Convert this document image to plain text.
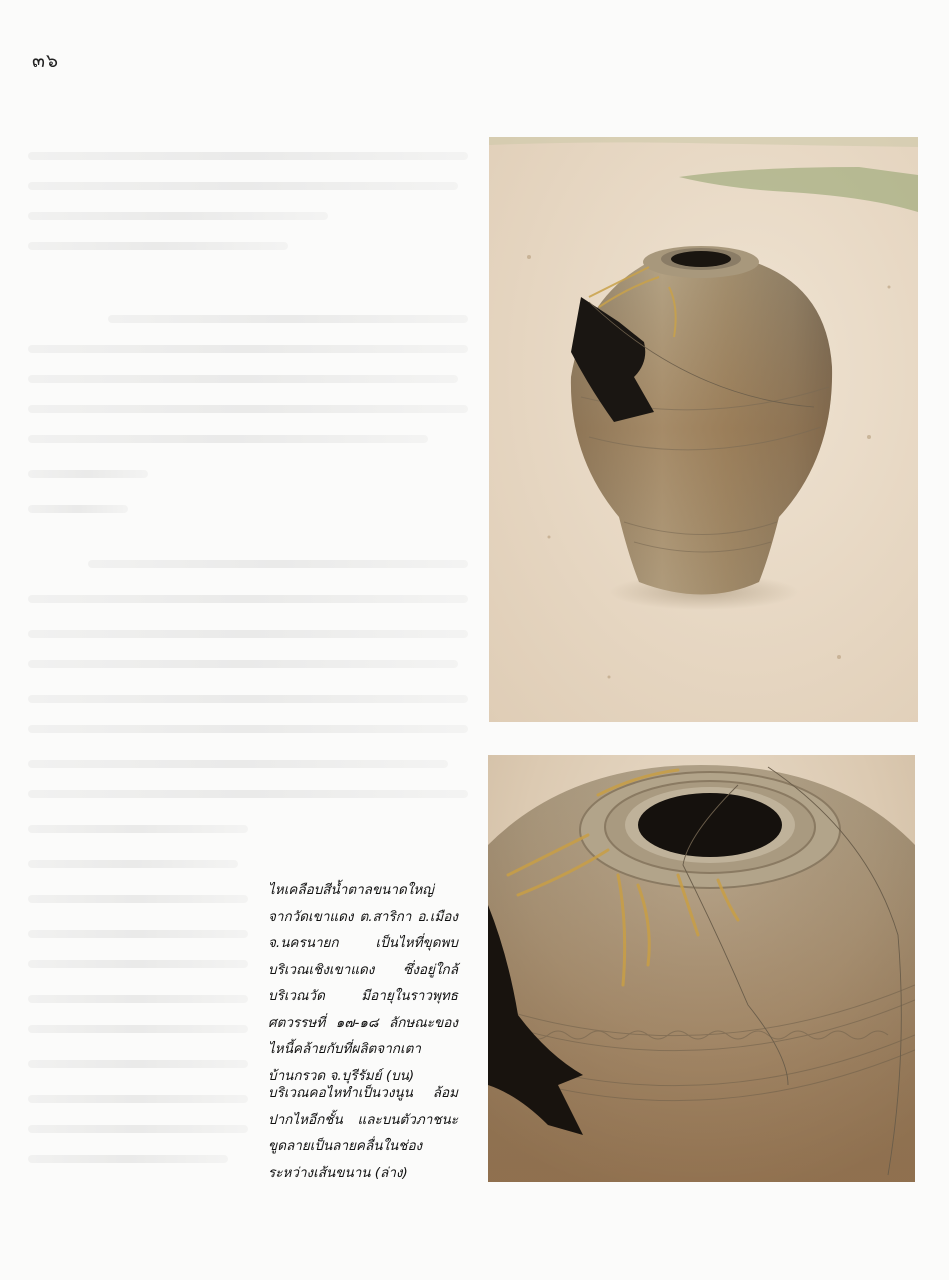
๓๖
ไหเคลือบสีน้ำตาลขนาดใหญ่ จากวัดเขาแดง ต.สาริกา อ.เมือง จ.นครนายก เป็นไหที่ขุดพบบริเวณเชิงเขาแดง ซึ่งอยู่ใกล้บริเวณวัด มีอายุในราวพุทธศตวรรษที่ ๑๗-๑๘ ลักษณะของไหนี้คล้ายกับที่ผลิตจากเตาบ้านกรวด จ.บุรีรัมย์ (บน)
บริเวณคอไหทำเป็นวงนูน ล้อมปากไหอีกชั้น และบนตัวภาชนะขูดลายเป็นลายคลื่นในช่องระหว่างเส้นขนาน (ล่าง)
